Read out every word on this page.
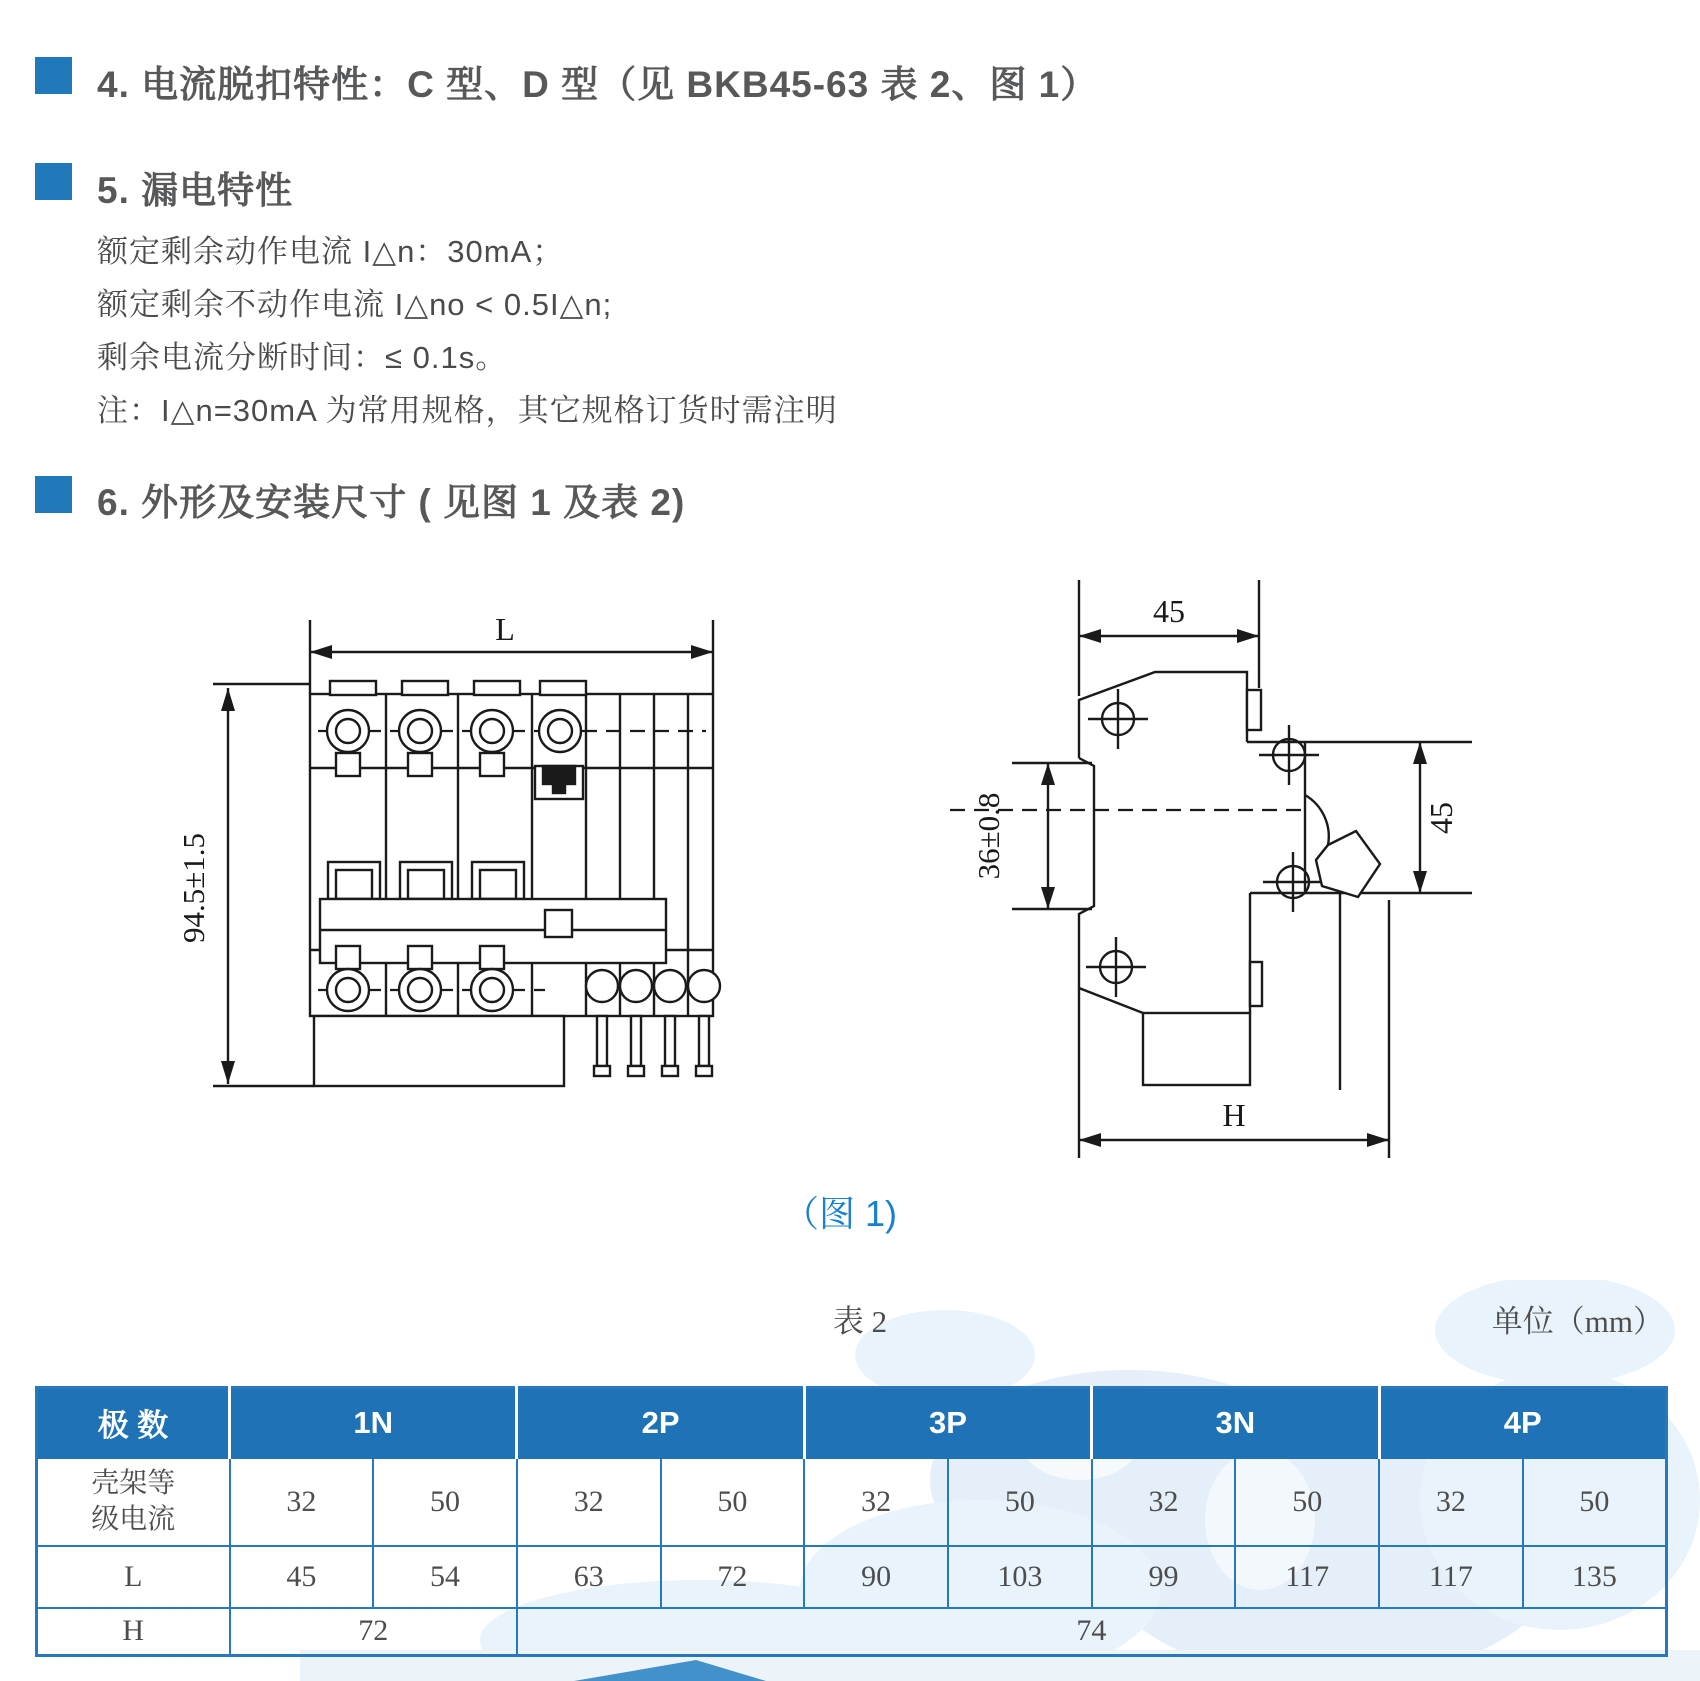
4. 电流脱扣特性：C 型、D 型（见 BKB45-63 表 2、图 1）
5. 漏电特性
额定剩余动作电流 I△n：30mA；
额定剩余不动作电流 I△no < 0.5I△n;
剩余电流分断时间：≤ 0.1s。
注：I△n=30mA 为常用规格，其它规格订货时需注明
6. 外形及安装尺寸 ( 见图 1 及表 2)
L
94.5±1.5
45
36±0.8	45
H
（图 1)
表 2	单位（mm）
极 数	1N		2P		3P		3N		4P	
壳架等
级电流	32	50	32	50	32	50	32	50	32	50
L	45	54	63	72	90	103	99	117	117	135
H	72		74							
